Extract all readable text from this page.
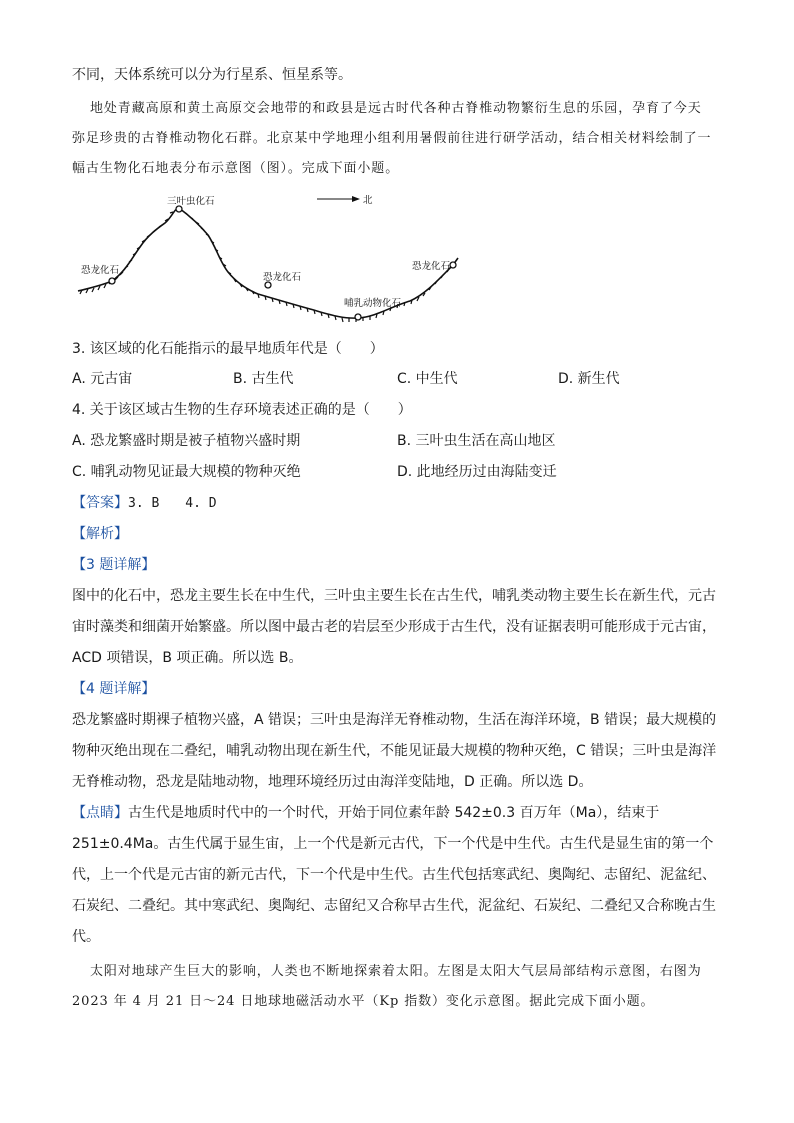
不同，天体系统可以分为行星系、恒星系等。
地处青藏高原和黄土高原交会地带的和政县是远古时代各种古脊椎动物繁衍生息的乐园，孕育了今天
弥足珍贵的古脊椎动物化石群。北京某中学地理小组利用暑假前往进行研学活动，结合相关材料绘制了一
幅古生物化石地表分布示意图（图）。完成下面小题。
三叶虫化石
恐龙化石
恐龙化石
哺乳动物化石
恐龙化石
北
3. 该区域的化石能指示的最早地质年代是（　　）
A. 元古宙	B. 古生代	C. 中生代	D. 新生代
4. 关于该区域古生物的生存环境表述正确的是（　　）
A. 恐龙繁盛时期是被子植物兴盛时期	B. 三叶虫生活在高山地区
C. 哺乳动物见证最大规模的物种灭绝	D. 此地经历过由海陆变迁
【答案】3. B　　4. D
【解析】
【3 题详解】
图中的化石中，恐龙主要生长在中生代，三叶虫主要生长在古生代，哺乳类动物主要生长在新生代，元古
宙时藻类和细菌开始繁盛。所以图中最古老的岩层至少形成于古生代，没有证据表明可能形成于元古宙，
ACD 项错误，B 项正确。所以选 B。
【4 题详解】
恐龙繁盛时期裸子植物兴盛，A 错误；三叶虫是海洋无脊椎动物，生活在海洋环境，B 错误；最大规模的
物种灭绝出现在二叠纪，哺乳动物出现在新生代，不能见证最大规模的物种灭绝，C 错误；三叶虫是海洋
无脊椎动物，恐龙是陆地动物，地理环境经历过由海洋变陆地，D 正确。所以选 D。
【点睛】古生代是地质时代中的一个时代，开始于同位素年龄 542±0.3 百万年（Ma），结束于
251±0.4Ma。古生代属于显生宙，上一个代是新元古代，下一个代是中生代。古生代是显生宙的第一个
代，上一个代是元古宙的新元古代，下一个代是中生代。古生代包括寒武纪、奥陶纪、志留纪、泥盆纪、
石炭纪、二叠纪。其中寒武纪、奥陶纪、志留纪又合称早古生代，泥盆纪、石炭纪、二叠纪又合称晚古生
代。
太阳对地球产生巨大的影响，人类也不断地探索着太阳。左图是太阳大气层局部结构示意图，右图为
2023 年 4 月 21 日～24 日地球地磁活动水平（Kp 指数）变化示意图。据此完成下面小题。
